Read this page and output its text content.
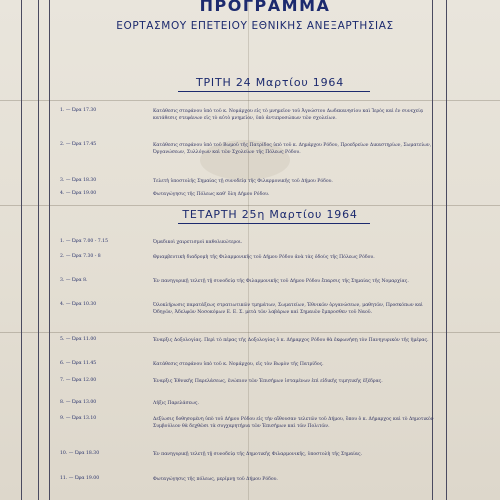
ΠΡΟΓΡΑΜΜΑ
ΕΟΡΤΑΣΜΟΥ ΕΠΕΤΕΙΟΥ ΕΘΝΙΚΗΣ ΑΝΕΞΑΡΤΗΣΙΑΣ
ΤΡΙΤΗ 24 Μαρτίου 1964
1. — Ώρα 17.30	Κατάθεσις στεφάνου ὑπὸ τοῦ κ. Νομάρχου εἰς τὸ μνημεῖον τοῦ Ἀγνώστου Δωδεκανησίου καὶ Ἱερὸς καὶ ἐν συνεχείᾳ κατάθεσις στεφάνων εἰς τὸ αὐτὸ μνημεῖον, ὑπὸ ἀντιπροσώπων τῶν σχολείων.
2. — Ώρα 17.45	Κατάθεσις στεφάνου ὑπὸ τοῦ Βωμοῦ τῆς Πατρίδος ὑπὸ τοῦ κ. Δημάρχου Ρόδου, Προεδρείων Δικαστηρίων, Σωματείων, Ὀργανώσεων, Συλλόγων καὶ τῶν Σχολείων τῆς Πόλεως Ρόδου.
3. — Ώρα 18.30	Τελετὴ ὑποστολῆς Σημαίας τῇ συνοδείᾳ τῆς Φιλαρμονικῆς τοῦ Δήμου Ρόδου.
4. — Ώρα 19.00	Φωταγώγησις τῆς Πόλεως καθ' ὅλη Δήμου Ρόδου.
ΤΕΤΑΡΤΗ 25η Μαρτίου 1964
1. — Ώρα 7.00 - 7.15	Ὁμαδικοὶ χαιρετισμοὶ καθολικώτεροι.
2. — Ώρα 7.30 - 8	Θριαμβευτικὴ διαδρομὴ τῆς Φιλαρμονικῆς τοῦ Δήμου Ρόδου ἀνὰ τὰς ὁδοὺς τῆς Πόλεως Ρόδου.
3. — Ώρα 8.	Ἐν πανηγυρικῇ τελετῇ τῇ συνοδείᾳ τῆς Φιλαρμονικῆς τοῦ Δήμου Ρόδου ἔπαρσις τῆς Σημαίας τῆς Νομαρχίας.
4. — Ώρα 10.30	Ὁλοκλήρωσις παρατάξεως στρατιωτικῶν τμημάτων, Σωματείων, Ἐθνικῶν ὀργανώσεων, μαθητῶν, Προσκόπων καὶ Ὁδηγῶν, Ἀδελφῶν Νοσοκόμων Ε. Ε. Σ. μετὰ τῶν λαβάρων καὶ Σημαιῶν ἔμπροσθεν τοῦ Ναοῦ.
5. — Ώρα 11.00	Ἐναρξις Δοξολογίας. Περὶ τὸ πέρας τῆς Δοξολογίας ὁ κ. Δήμαρχος Ρόδου θὰ ἐκφωνήσῃ τὸν Πανηγυρικὸν τῆς ἡμέρας.
6. — Ώρα 11.45	Κατάθεσις στεφάνου ὑπὸ τοῦ κ. Νομάρχου, εἰς τὸν Βωμὸν τῆς Πατρίδος.
7. — Ώρα 12.00	Ἐναρξις Ἐθνικῆς Παρελάσεως, ἐνώπιον τῶν Ἐπισήμων ἱσταμένων ἐπὶ εἰδικῆς τιμητικῆς ἐξέδρας.
8. — Ώρα 13.00	Λῆξις Παρελάσεως.
9. — Ώρα 13.10	Δεξίωσις δοθησομένη ὑπὸ τοῦ Δήμου Ρόδου εἰς τὴν αἴθουσαν τελετῶν τοῦ Δήμου, ὅπου ὁ κ. Δήμαρχος καὶ τὸ Δημοτικὸν Συμβούλιον θὰ δεχθῶσι τὰ συγχαρητήρια τῶν Ἐπισήμων καὶ τῶν Πολιτῶν.
10. — Ώρα 18.30	Ἐν πανηγυρικῇ τελετῇ τῇ συνοδείᾳ τῆς Δημοτικῆς Φιλαρμονικῆς, ὑποστολὴ τῆς Σημαίας.
11. — Ώρα 19.00	Φωταγώγησις τῆς πόλεως, μερίμνῃ τοῦ Δήμου Ρόδου.
